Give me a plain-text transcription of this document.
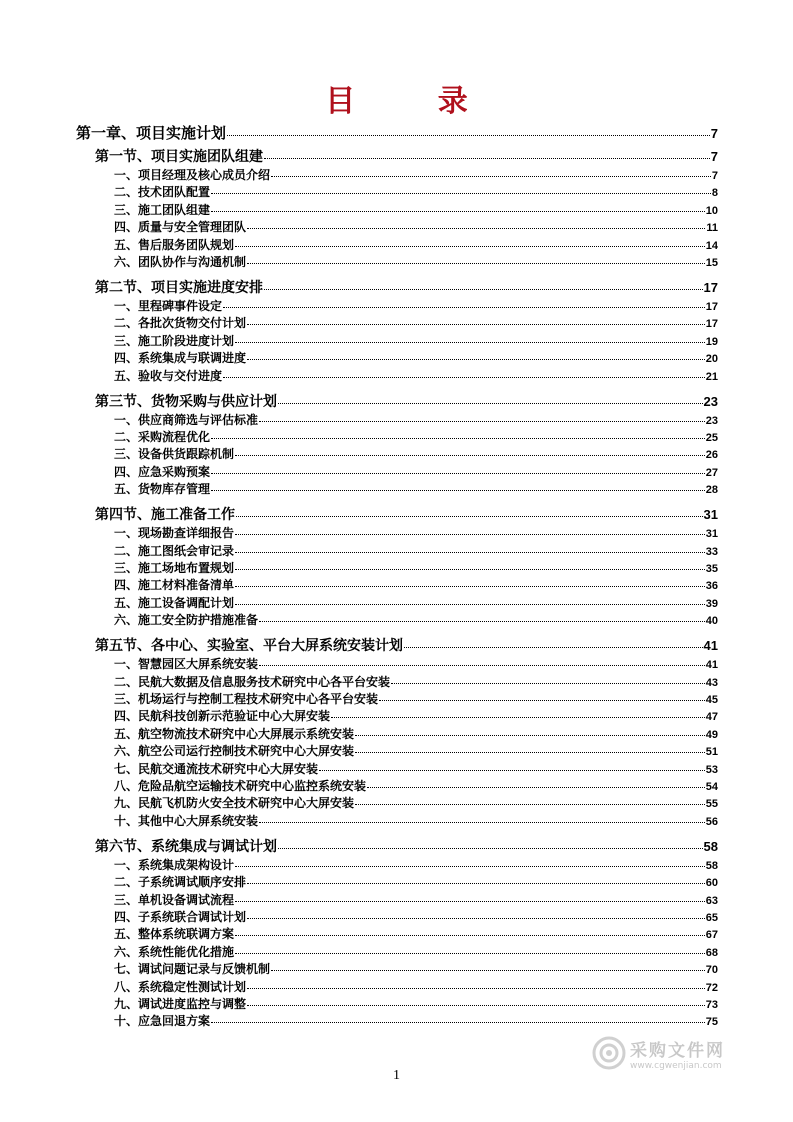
目 录
第一章、项目实施计划	7
第一节、项目实施团队组建	7
一、项目经理及核心成员介绍	7
二、技术团队配置	8
三、施工团队组建	10
四、质量与安全管理团队	11
五、售后服务团队规划	14
六、团队协作与沟通机制	15
第二节、项目实施进度安排	17
一、里程碑事件设定	17
二、各批次货物交付计划	17
三、施工阶段进度计划	19
四、系统集成与联调进度	20
五、验收与交付进度	21
第三节、货物采购与供应计划	23
一、供应商筛选与评估标准	23
二、采购流程优化	25
三、设备供货跟踪机制	26
四、应急采购预案	27
五、货物库存管理	28
第四节、施工准备工作	31
一、现场勘查详细报告	31
二、施工图纸会审记录	33
三、施工场地布置规划	35
四、施工材料准备清单	36
五、施工设备调配计划	39
六、施工安全防护措施准备	40
第五节、各中心、实验室、平台大屏系统安装计划	41
一、智慧园区大屏系统安装	41
二、民航大数据及信息服务技术研究中心各平台安装	43
三、机场运行与控制工程技术研究中心各平台安装	45
四、民航科技创新示范验证中心大屏安装	47
五、航空物流技术研究中心大屏展示系统安装	49
六、航空公司运行控制技术研究中心大屏安装	51
七、民航交通流技术研究中心大屏安装	53
八、危险品航空运输技术研究中心监控系统安装	54
九、民航飞机防火安全技术研究中心大屏安装	55
十、其他中心大屏系统安装	56
第六节、系统集成与调试计划	58
一、系统集成架构设计	58
二、子系统调试顺序安排	60
三、单机设备调试流程	63
四、子系统联合调试计划	65
五、整体系统联调方案	67
六、系统性能优化措施	68
七、调试问题记录与反馈机制	70
八、系统稳定性测试计划	72
九、调试进度监控与调整	73
十、应急回退方案	75
1
采购文件网
www.cgwenjian.com
